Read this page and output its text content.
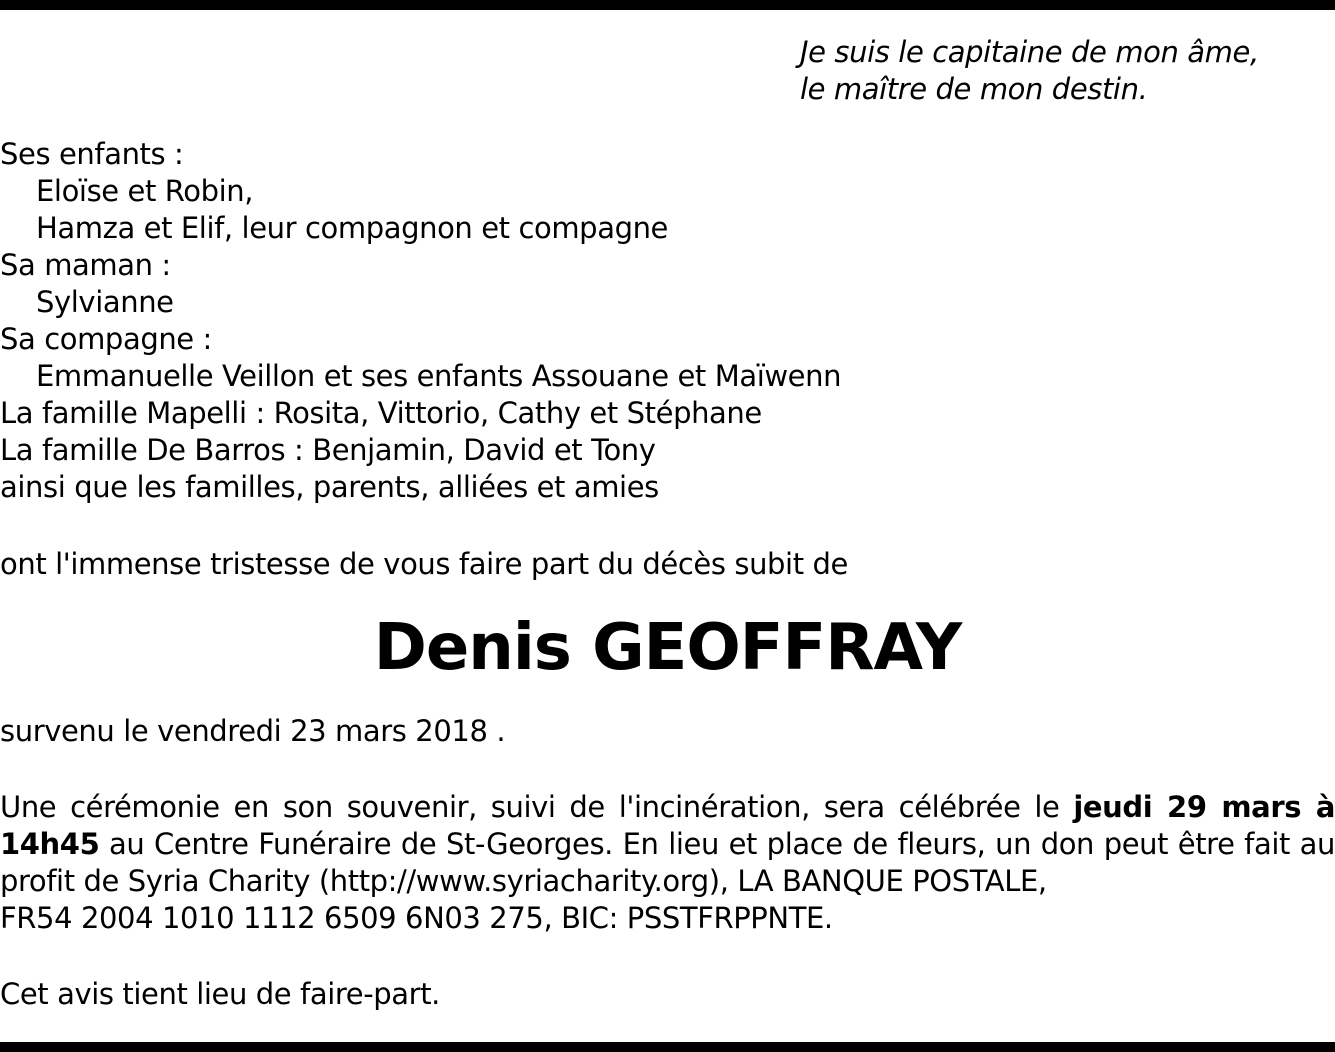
Je suis le capitaine de mon âme,
le maître de mon destin.
Ses enfants :
Eloïse et Robin,
Hamza et Elif, leur compagnon et compagne
Sa maman :
Sylvianne
Sa compagne :
Emmanuelle Veillon et ses enfants Assouane et Maïwenn
La famille Mapelli : Rosita, Vittorio, Cathy et Stéphane
La famille De Barros : Benjamin, David et Tony
ainsi que les familles, parents, alliées et amies
ont l'immense tristesse de vous faire part du décès subit de
Denis GEOFFRAY
survenu le vendredi 23 mars 2018 .
Une cérémonie en son souvenir, suivi de l'incinération, sera célébrée le jeudi 29 mars à
14h45 au Centre Funéraire de St-Georges. En lieu et place de fleurs, un don peut être fait au
profit de Syria Charity (http://www.syriacharity.org), LA BANQUE POSTALE,
FR54 2004 1010 1112 6509 6N03 275, BIC: PSSTFRPPNTE.
Cet avis tient lieu de faire-part.
